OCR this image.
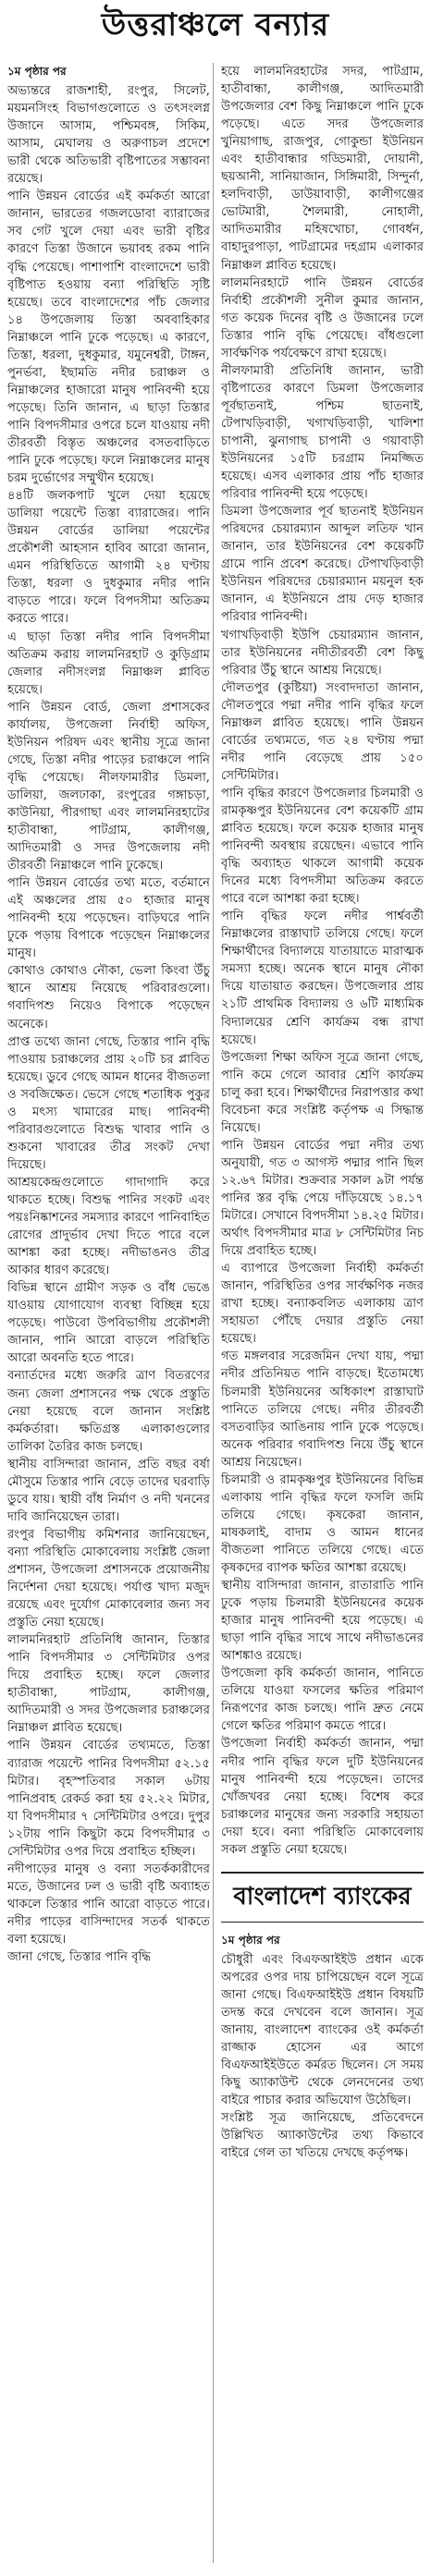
উত্তরাঞ্চলে বন্যার
১ম পৃষ্ঠার পর

অভ্যন্তরে রাজশাহী, রংপুর, সিলেট, ময়মনসিংহ বিভাগগুলোতে ও তৎসংলগ্ন উজানে আসাম, পশ্চিমবঙ্গ, সিকিম, আসাম, মেঘালয় ও অরুণাচল প্রদেশে ভারী থেকে অতিভারী বৃষ্টিপাতের সম্ভাবনা রয়েছে।

পানি উন্নয়ন বোর্ডের এই কর্মকর্তা আরো জানান, ভারতের গজলডোবা ব্যারাজের সব গেট খুলে দেয়া এবং ভারী বৃষ্টির কারণে তিস্তা উজানে ভয়াবহ রকম পানি বৃদ্ধি পেয়েছে। পাশাপাশি বাংলাদেশে ভারী বৃষ্টিপাত হওয়ায় বন্যা পরিস্থিতি সৃষ্টি হয়েছে। তবে বাংলাদেশের পাঁচ জেলার ১৪ উপজেলায় তিস্তা অববাহিকার নিম্নাঞ্চলে পানি ঢুকে পড়েছে। এ কারণে, তিস্তা, ধরলা, দুধকুমার, যমুনেশ্বরী, টাঙ্গন, পুনর্ভবা, ইছামতি নদীর চরাঞ্চল ও নিম্নাঞ্চলের হাজারো মানুষ পানিবন্দী হয়ে পড়েছে। তিনি জানান, এ ছাড়া তিস্তার পানি বিপদসীমার ওপরে চলে যাওয়ায় নদী তীরবর্তী বিস্তৃত অঞ্চলের বসতবাড়িতে পানি ঢুকে পড়েছে। ফলে নিম্নাঞ্চলের মানুষ চরম দুর্ভোগের সম্মুখীন হয়েছে।

৪৪টি জলকপাট খুলে দেয়া হয়েছে ডালিয়া পয়েন্টে তিস্তা ব্যারাজের। পানি উন্নয়ন বোর্ডের ডালিয়া পয়েন্টের প্রকৌশলী আহসান হাবিব আরো জানান, এমন পরিস্থিতিতে আগামী ২৪ ঘণ্টায় তিস্তা, ধরলা ও দুধকুমার নদীর পানি বাড়তে পারে। ফলে বিপদসীমা অতিক্রম করতে পারে।

এ ছাড়া তিস্তা নদীর পানি বিপদসীমা অতিক্রম করায় লালমনিরহাট ও কুড়িগ্রাম জেলার নদীসংলগ্ন নিম্নাঞ্চল প্লাবিত হয়েছে।

পানি উন্নয়ন বোর্ড, জেলা প্রশাসকের কার্যালয়, উপজেলা নির্বাহী অফিস, ইউনিয়ন পরিষদ এবং স্থানীয় সূত্রে জানা গেছে, তিস্তা নদীর পাড়ের চরাঞ্চলে পানি বৃদ্ধি পেয়েছে। নীলফামারীর ডিমলা, ডালিয়া, জলঢাকা, রংপুরের গঙ্গাচড়া, কাউনিয়া, পীরগাছা এবং লালমনিরহাটের হাতীবান্ধা, পাটগ্রাম, কালীগঞ্জ, আদিতমারী ও সদর উপজেলায় নদী তীরবর্তী নিম্নাঞ্চলে পানি ঢুকেছে।

পানি উন্নয়ন বোর্ডের তথ্য মতে, বর্তমানে এই অঞ্চলের প্রায় ৫০ হাজার মানুষ পানিবন্দী হয়ে পড়েছেন। বাড়িঘরে পানি ঢুকে পড়ায় বিপাকে পড়েছেন নিম্নাঞ্চলের মানুষ।

কোথাও কোথাও নৌকা, ভেলা কিংবা উঁচু স্থানে আশ্রয় নিয়েছে পরিবারগুলো। গবাদিপশু নিয়েও বিপাকে পড়েছেন অনেকে।

প্রাপ্ত তথ্যে জানা গেছে, তিস্তার পানি বৃদ্ধি পাওয়ায় চরাঞ্চলের প্রায় ২০টি চর প্লাবিত হয়েছে। ডুবে গেছে আমন ধানের বীজতলা ও সবজিক্ষেত। ভেসে গেছে শতাধিক পুকুর ও মৎস্য খামারের মাছ। পানিবন্দী পরিবারগুলোতে বিশুদ্ধ খাবার পানি ও শুকনো খাবারের তীব্র সংকট দেখা দিয়েছে।

আশ্রয়কেন্দ্রগুলোতে গাদাগাদি করে থাকতে হচ্ছে। বিশুদ্ধ পানির সংকট এবং পয়ঃনিষ্কাশনের সমস্যার কারণে পানিবাহিত রোগের প্রাদুর্ভাব দেখা দিতে পারে বলে আশঙ্কা করা হচ্ছে। নদীভাঙনও তীব্র আকার ধারণ করেছে।

বিভিন্ন স্থানে গ্রামীণ সড়ক ও বাঁধ ভেঙে যাওয়ায় যোগাযোগ ব্যবস্থা বিচ্ছিন্ন হয়ে পড়েছে। পাউবো উপবিভাগীয় প্রকৌশলী জানান, পানি আরো বাড়লে পরিস্থিতি আরো অবনতি হতে পারে।

বন্যার্তদের মধ্যে জরুরি ত্রাণ বিতরণের জন্য জেলা প্রশাসনের পক্ষ থেকে প্রস্তুতি নেয়া হয়েছে বলে জানান সংশ্লিষ্ট কর্মকর্তারা। ক্ষতিগ্রস্ত এলাকাগুলোর তালিকা তৈরির কাজ চলছে।

স্থানীয় বাসিন্দারা জানান, প্রতি বছর বর্ষা মৌসুমে তিস্তার পানি বেড়ে তাদের ঘরবাড়ি ডুবে যায়। স্থায়ী বাঁধ নির্মাণ ও নদী খননের দাবি জানিয়েছেন তারা।

রংপুর বিভাগীয় কমিশনার জানিয়েছেন, বন্যা পরিস্থিতি মোকাবেলায় সংশ্লিষ্ট জেলা প্রশাসন, উপজেলা প্রশাসনকে প্রয়োজনীয় নির্দেশনা দেয়া হয়েছে। পর্যাপ্ত খাদ্য মজুদ রয়েছে এবং দুর্যোগ মোকাবেলার জন্য সব প্রস্তুতি নেয়া হয়েছে।

লালমনিরহাট প্রতিনিধি জানান, তিস্তার পানি বিপদসীমার ৩ সেন্টিমিটার ওপর দিয়ে প্রবাহিত হচ্ছে। ফলে জেলার হাতীবান্ধা, পাটগ্রাম, কালীগঞ্জ, আদিতমারী ও সদর উপজেলার চরাঞ্চলের নিম্নাঞ্চল প্লাবিত হয়েছে।

পানি উন্নয়ন বোর্ডের তথ্যমতে, তিস্তা ব্যারাজ পয়েন্টে পানির বিপদসীমা ৫২.১৫ মিটার। বৃহস্পতিবার সকাল ৬টায় পানিপ্রবাহ রেকর্ড করা হয় ৫২.২২ মিটার, যা বিপদসীমার ৭ সেন্টিমিটার ওপরে। দুপুর ১২টায় পানি কিছুটা কমে বিপদসীমার ৩ সেন্টিমিটার ওপর দিয়ে প্রবাহিত হচ্ছিল।

নদীপাড়ের মানুষ ও বন্যা সতর্ককারীদের মতে, উজানের ঢল ও ভারী বৃষ্টি অব্যাহত থাকলে তিস্তার পানি আরো বাড়তে পারে। নদীর পাড়ের বাসিন্দাদের সতর্ক থাকতে বলা হয়েছে।

জানা গেছে, তিস্তার পানি বৃদ্ধি

হয়ে লালমনিরহাটের সদর, পাটগ্রাম, হাতীবান্ধা, কালীগঞ্জ, আদিতমারী উপজেলার বেশ কিছু নিম্নাঞ্চলে পানি ঢুকে পড়েছে। এতে সদর উপজেলার খুনিয়াগাছ, রাজপুর, গোকুন্ডা ইউনিয়ন এবং হাতীবান্ধার গড্ডিমারী, দোয়ানী, ছয়আনী, সানিয়াজান, সিঙ্গিমারী, সিন্দুর্না, হলদিবাড়ী, ডাউয়াবাড়ী, কালীগঞ্জের ভোটমারী, শৈলমারী, নোহালী, আদিতমারীর মহিষখোচা, গোবর্ধন, বাহাদুরপাড়া, পাটগ্রামের দহগ্রাম এলাকার নিম্নাঞ্চল প্লাবিত হয়েছে।

লালমনিরহাটে পানি উন্নয়ন বোর্ডের নির্বাহী প্রকৌশলী সুনীল কুমার জানান, গত কয়েক দিনের বৃষ্টি ও উজানের ঢলে তিস্তার পানি বৃদ্ধি পেয়েছে। বাঁধগুলো সার্বক্ষণিক পর্যবেক্ষণে রাখা হয়েছে।

নীলফামারী প্রতিনিধি জানান, ভারী বৃষ্টিপাতের কারণে ডিমলা উপজেলার পূর্বছাতনাই, পশ্চিম ছাতনাই, টেপাখড়িবাড়ী, খগাখড়িবাড়ী, খালিশা চাপানী, ঝুনাগাছ চাপানী ও গয়াবাড়ী ইউনিয়নের ১৫টি চরগ্রাম নিমজ্জিত হয়েছে। এসব এলাকার প্রায় পাঁচ হাজার পরিবার পানিবন্দী হয়ে পড়েছে।

ডিমলা উপজেলার পূর্ব ছাতনাই ইউনিয়ন পরিষদের চেয়ারম্যান আব্দুল লতিফ খান জানান, তার ইউনিয়নের বেশ কয়েকটি গ্রামে পানি প্রবেশ করেছে। টেপাখড়িবাড়ী ইউনিয়ন পরিষদের চেয়ারম্যান ময়নুল হক জানান, এ ইউনিয়নে প্রায় দেড় হাজার পরিবার পানিবন্দী।

খগাখড়িবাড়ী ইউপি চেয়ারম্যান জানান, তার ইউনিয়নের নদীতীরবর্তী বেশ কিছু পরিবার উঁচু স্থানে আশ্রয় নিয়েছে।

দৌলতপুর (কুষ্টিয়া) সংবাদদাতা জানান, দৌলতপুরে পদ্মা নদীর পানি বৃদ্ধির ফলে নিম্নাঞ্চল প্লাবিত হয়েছে। পানি উন্নয়ন বোর্ডের তথ্যমতে, গত ২৪ ঘণ্টায় পদ্মা নদীর পানি বেড়েছে প্রায় ১৫০ সেন্টিমিটার।

পানি বৃদ্ধির কারণে উপজেলার চিলমারী ও রামকৃষ্ণপুর ইউনিয়নের বেশ কয়েকটি গ্রাম প্লাবিত হয়েছে। ফলে কয়েক হাজার মানুষ পানিবন্দী অবস্থায় রয়েছেন। এভাবে পানি বৃদ্ধি অব্যাহত থাকলে আগামী কয়েক দিনের মধ্যে বিপদসীমা অতিক্রম করতে পারে বলে আশঙ্কা করা হচ্ছে।

পানি বৃদ্ধির ফলে নদীর পার্শ্ববর্তী নিম্নাঞ্চলের রাস্তাঘাট তলিয়ে গেছে। ফলে শিক্ষার্থীদের বিদ্যালয়ে যাতায়াতে মারাত্মক সমস্যা হচ্ছে। অনেক স্থানে মানুষ নৌকা দিয়ে যাতায়াত করছেন। উপজেলার প্রায় ২১টি প্রাথমিক বিদ্যালয় ও ৬টি মাধ্যমিক বিদ্যালয়ের শ্রেণি কার্যক্রম বন্ধ রাখা হয়েছে।

উপজেলা শিক্ষা অফিস সূত্রে জানা গেছে, পানি কমে গেলে আবার শ্রেণি কার্যক্রম চালু করা হবে। শিক্ষার্থীদের নিরাপত্তার কথা বিবেচনা করে সংশ্লিষ্ট কর্তৃপক্ষ এ সিদ্ধান্ত নিয়েছে।

পানি উন্নয়ন বোর্ডের পদ্মা নদীর তথ্য অনুযায়ী, গত ৩ আগস্ট পদ্মার পানি ছিল ১২.৬৭ মিটার। শুক্রবার সকাল ৯টা পর্যন্ত পানির স্তর বৃদ্ধি পেয়ে দাঁড়িয়েছে ১৪.১৭ মিটারে। সেখানে বিপদসীমা ১৪.২৫ মিটার। অর্থাৎ বিপদসীমার মাত্র ৮ সেন্টিমিটার নিচ দিয়ে প্রবাহিত হচ্ছে।

এ ব্যাপারে উপজেলা নির্বাহী কর্মকর্তা জানান, পরিস্থিতির ওপর সার্বক্ষণিক নজর রাখা হচ্ছে। বন্যাকবলিত এলাকায় ত্রাণ সহায়তা পৌঁছে দেয়ার প্রস্তুতি নেয়া হয়েছে।

গত মঙ্গলবার সরেজমিন দেখা যায়, পদ্মা নদীর প্রতিনিয়ত পানি বাড়ছে। ইতোমধ্যে চিলমারী ইউনিয়নের অধিকাংশ রাস্তাঘাট পানিতে তলিয়ে গেছে। নদীর তীরবর্তী বসতবাড়ির আঙিনায় পানি ঢুকে পড়েছে। অনেক পরিবার গবাদিপশু নিয়ে উঁচু স্থানে আশ্রয় নিয়েছেন।

চিলমারী ও রামকৃষ্ণপুর ইউনিয়নের বিভিন্ন এলাকায় পানি বৃদ্ধির ফলে ফসলি জমি তলিয়ে গেছে। কৃষকেরা জানান, মাষকলাই, বাদাম ও আমন ধানের বীজতলা পানিতে তলিয়ে গেছে। এতে কৃষকদের ব্যাপক ক্ষতির আশঙ্কা রয়েছে।

স্থানীয় বাসিন্দারা জানান, রাতারাতি পানি ঢুকে পড়ায় চিলমারী ইউনিয়নের কয়েক হাজার মানুষ পানিবন্দী হয়ে পড়েছে। এ ছাড়া পানি বৃদ্ধির সাথে সাথে নদীভাঙনের আশঙ্কাও রয়েছে।

উপজেলা কৃষি কর্মকর্তা জানান, পানিতে তলিয়ে যাওয়া ফসলের ক্ষতির পরিমাণ নিরূপণের কাজ চলছে। পানি দ্রুত নেমে গেলে ক্ষতির পরিমাণ কমতে পারে।

উপজেলা নির্বাহী কর্মকর্তা জানান, পদ্মা নদীর পানি বৃদ্ধির ফলে দুটি ইউনিয়নের মানুষ পানিবন্দী হয়ে পড়েছেন। তাদের খোঁজখবর নেয়া হচ্ছে। বিশেষ করে চরাঞ্চলের মানুষের জন্য সরকারি সহায়তা দেয়া হবে। বন্যা পরিস্থিতি মোকাবেলায় সকল প্রস্তুতি নেয়া হয়েছে।

বাংলাদেশ ব্যাংকের
১ম পৃষ্ঠার পর

চৌধুরী এবং বিএফআইইউ প্রধান একে অপরের ওপর দায় চাপিয়েছেন বলে সূত্রে জানা গেছে। বিএফআইইউ প্রধান বিষয়টি তদন্ত করে দেখবেন বলে জানান। সূত্র জানায়, বাংলাদেশ ব্যাংকের ওই কর্মকর্তা রাজ্জাক হোসেন এর আগে বিএফআইইউতে কর্মরত ছিলেন। সে সময় কিছু অ্যাকাউন্ট থেকে লেনদেনের তথ্য বাইরে পাচার করার অভিযোগ উঠেছিল।

সংশ্লিষ্ট সূত্র জানিয়েছে, প্রতিবেদনে উল্লিখিত অ্যাকাউন্টের তথ্য কিভাবে বাইরে গেল তা খতিয়ে দেখছে কর্তৃপক্ষ।
